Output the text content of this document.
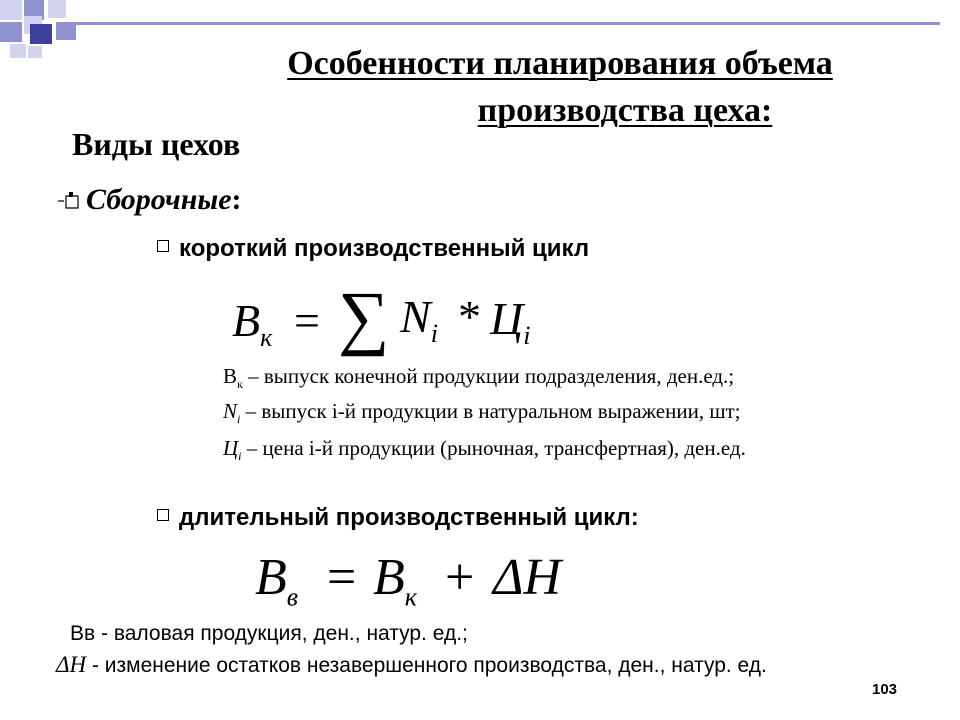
Особенности планирования объема
производства цеха:
Виды цехов
Сборочные :
короткий производственный цикл
$B_к$ = ∑ $N_i * Ц_i$
$В_к$ – выпуск конечной продукции подразделения, ден.ед.;
$N_i$ – выпуск i-й продукции в натуральном выражении, шт;
$Ц_i$ – цена i-й продукции (рыночная, трансфертная), ден.ед.
длительный производственный цикл:
$B_в = B_к + \Delta H$
Вв - валовая продукция, ден., натур. ед.;
ΔH - изменение остатков незавершенного производства, ден., натур. ед.
103
